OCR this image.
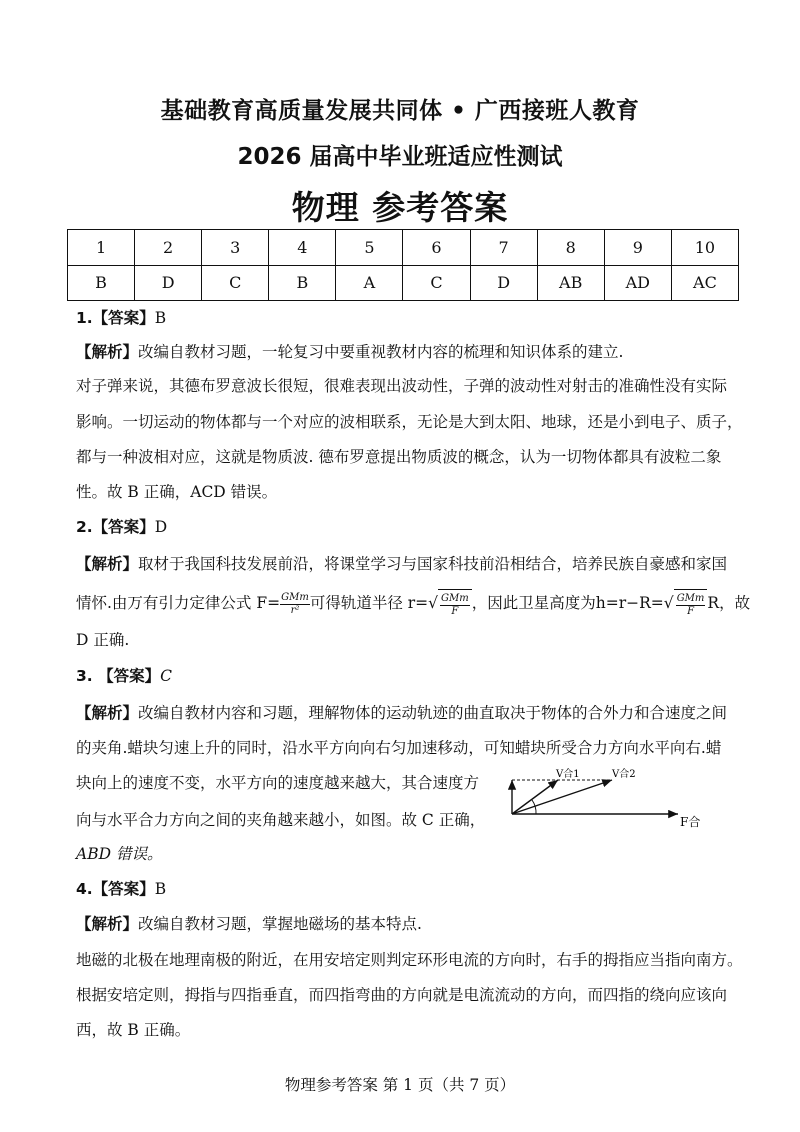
基础教育高质量发展共同体 • 广西接班人教育
2026 届高中毕业班适应性测试
物理 参考答案
1	2	3	4	5	6	7	8	9	10
B	D	C	B	A	C	D	AB	AD	AC
1.【答案】B
【解析】改编自教材习题，一轮复习中要重视教材内容的梳理和知识体系的建立.
对子弹来说，其德布罗意波长很短，很难表现出波动性，子弹的波动性对射击的准确性没有实际
影响。一切运动的物体都与一个对应的波相联系，无论是大到太阳、地球，还是小到电子、质子，
都与一种波相对应，这就是物质波. 德布罗意提出物质波的概念，认为一切物体都具有波粒二象
性。故 B 正确，ACD 错误。
2.【答案】D
【解析】取材于我国科技发展前沿，将课堂学习与国家科技前沿相结合，培养民族自豪感和家国
情怀.由万有引力定律公式 $F= \frac{\text{GMm}}{\text{r²}}$ 可得轨道半径 $r=√ \frac{\text{GMm}}{F}$ ，因此卫星高度为$h=r-R=√ \frac{\text{GMm}}{F}$ R，故
D 正确.
3. 【答案】C
【解析】改编自教材内容和习题，理解物体的运动轨迹的曲直取决于物体的合外力和合速度之间
的夹角.蜡块匀速上升的同时，沿水平方向向右匀加速移动，可知蜡块所受合力方向水平向右.蜡
块向上的速度不变，水平方向的速度越来越大，其合速度方
向与水平合力方向之间的夹角越来越小，如图。故 C 正确，
ABD 错误。
V合1	V合2
F合
4.【答案】B
【解析】改编自教材习题，掌握地磁场的基本特点.
地磁的北极在地理南极的附近，在用安培定则判定环形电流的方向时，右手的拇指应当指向南方。
根据安培定则，拇指与四指垂直，而四指弯曲的方向就是电流流动的方向，而四指的绕向应该向
西，故 B 正确。
物理参考答案 第 1 页（共 7 页）
